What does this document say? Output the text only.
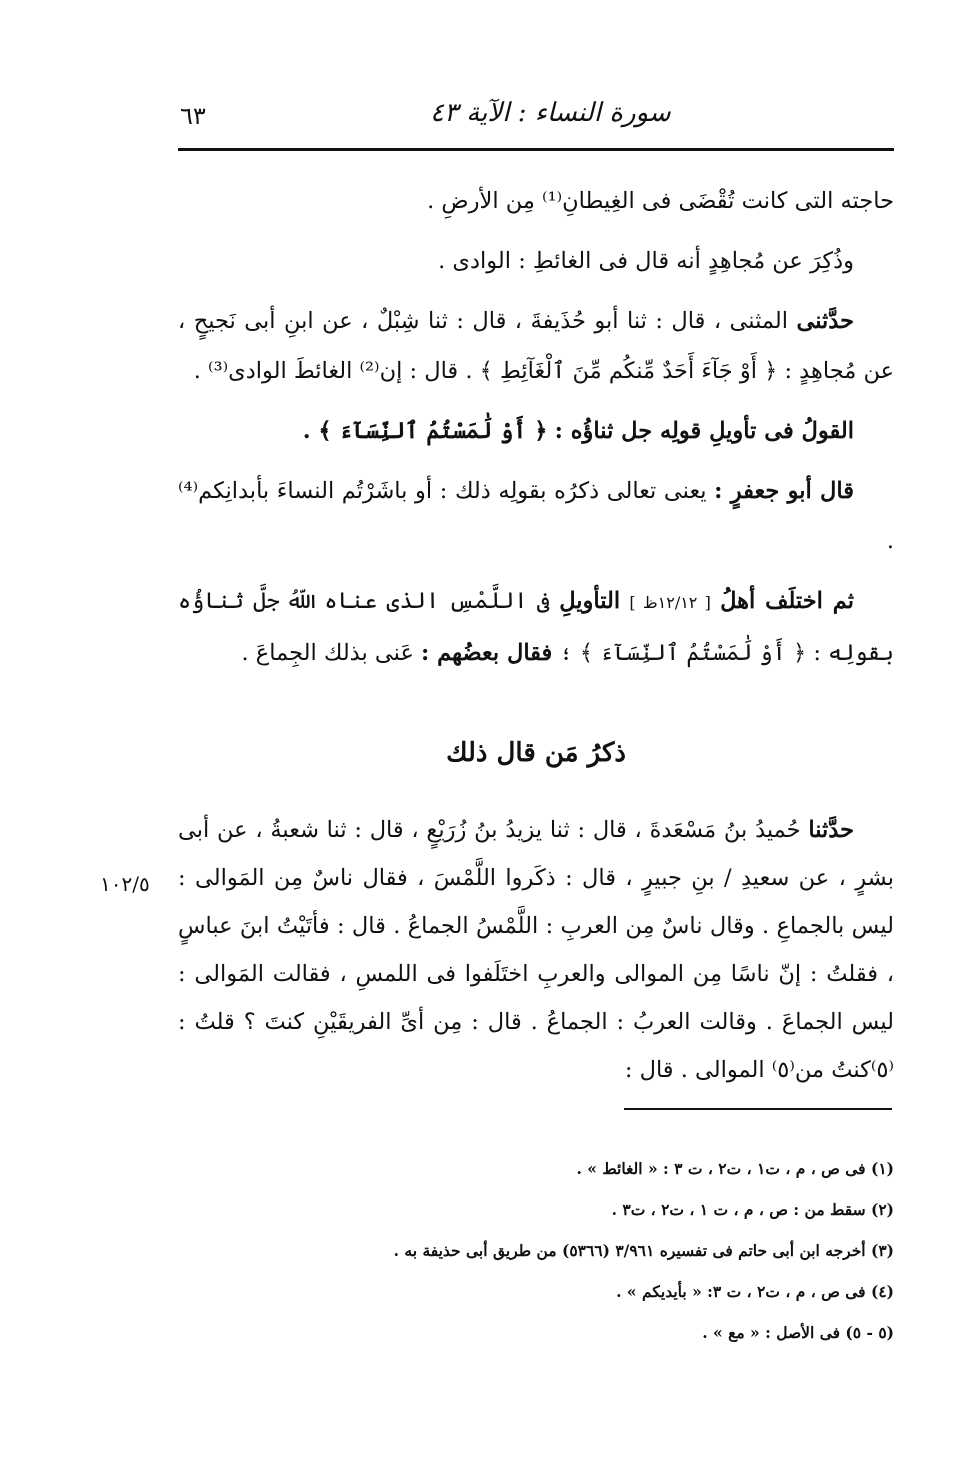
٦٣	سورة النساء : الآية ٤٣

حاجته التى كانت تُقْضَى فى الغِيطانِ⁽¹⁾ مِن الأرضِ .

وذُكِرَ عن مُجاهِدٍ أنه قال فى الغائطِ : الوادى .

حدَّثنى المثنى ، قال : ثنا أبو حُذَيفةَ ، قال : ثنا شِبْلٌ ، عن ابنِ أبى نَجيحٍ ، عن مُجاهِدٍ : ﴿ أَوْ جَآءَ أَحَدٌ مِّنكُم مِّنَ ٱلْغَآئِطِ ﴾ . قال : إن⁽²⁾ الغائطَ الوادى⁽³⁾ .

القولُ فى تأويلِ قولِه جل ثناؤُه : ﴿ أَوْ لَٰمَسْتُمُ ٱلنِّسَآءَ ﴾ .

قال أبو جعفرٍ : يعنى تعالى ذكرُه بقولِه ذلك : أو باشَرْتُم النساءَ بأبدانِكم⁽⁴⁾ .

ثم اختلَف أهلُ [ ١٢/١٢ظ ] التأويلِ فى اللَّمْسِ الذى عناه اللّهُ جلَّ ثناؤُه بقولِه : ﴿ أَوْ لَٰمَسْتُمُ ٱلنِّسَآءَ ﴾ ؛ فقال بعضُهم : عَنى بذلك الجِماعَ .

ذكرُ مَن قال ذلك

حدَّثنا حُميدُ بنُ مَسْعَدةَ ، قال : ثنا يزيدُ بنُ زُرَيْعٍ ، قال : ثنا شعبةُ ، عن أبى بشرٍ ، عن سعيدِ / بنِ جبيرٍ ، قال : ذكَروا اللَّمْسَ ، فقال ناسٌ مِن المَوالى : ليس بالجماعِ . وقال ناسٌ مِن العربِ : اللَّمْسُ الجماعُ . قال : فأتَيْتُ ابنَ عباسٍ ، فقلتُ : إنّ ناسًا مِن الموالى والعربِ اختَلَفوا فى اللمسِ ، فقالت المَوالى : ليس الجماعَ . وقالت العربُ : الجماعُ . قال : مِن أىِّ الفريقَيْنِ كنتَ ؟ قلتُ : ⁽٥⁾كنتُ من⁽٥⁾ الموالى . قال :

١٠٢/٥

(١) فى ص ، م ، ت١ ، ت٢ ، ت ٣ : « الغائط » .

(٢) سقط من : ص ، م ، ت ١ ، ت٢ ، ت٣ .

(٣) أخرجه ابن أبى حاتم فى تفسيره ٣/٩٦١ (٥٣٦٦) من طريق أبى حذيفة به .

(٤) فى ص ، م ، ت٢ ، ت ٣: « بأيديكم » .

(٥ - ٥) فى الأصل : « مع » .
